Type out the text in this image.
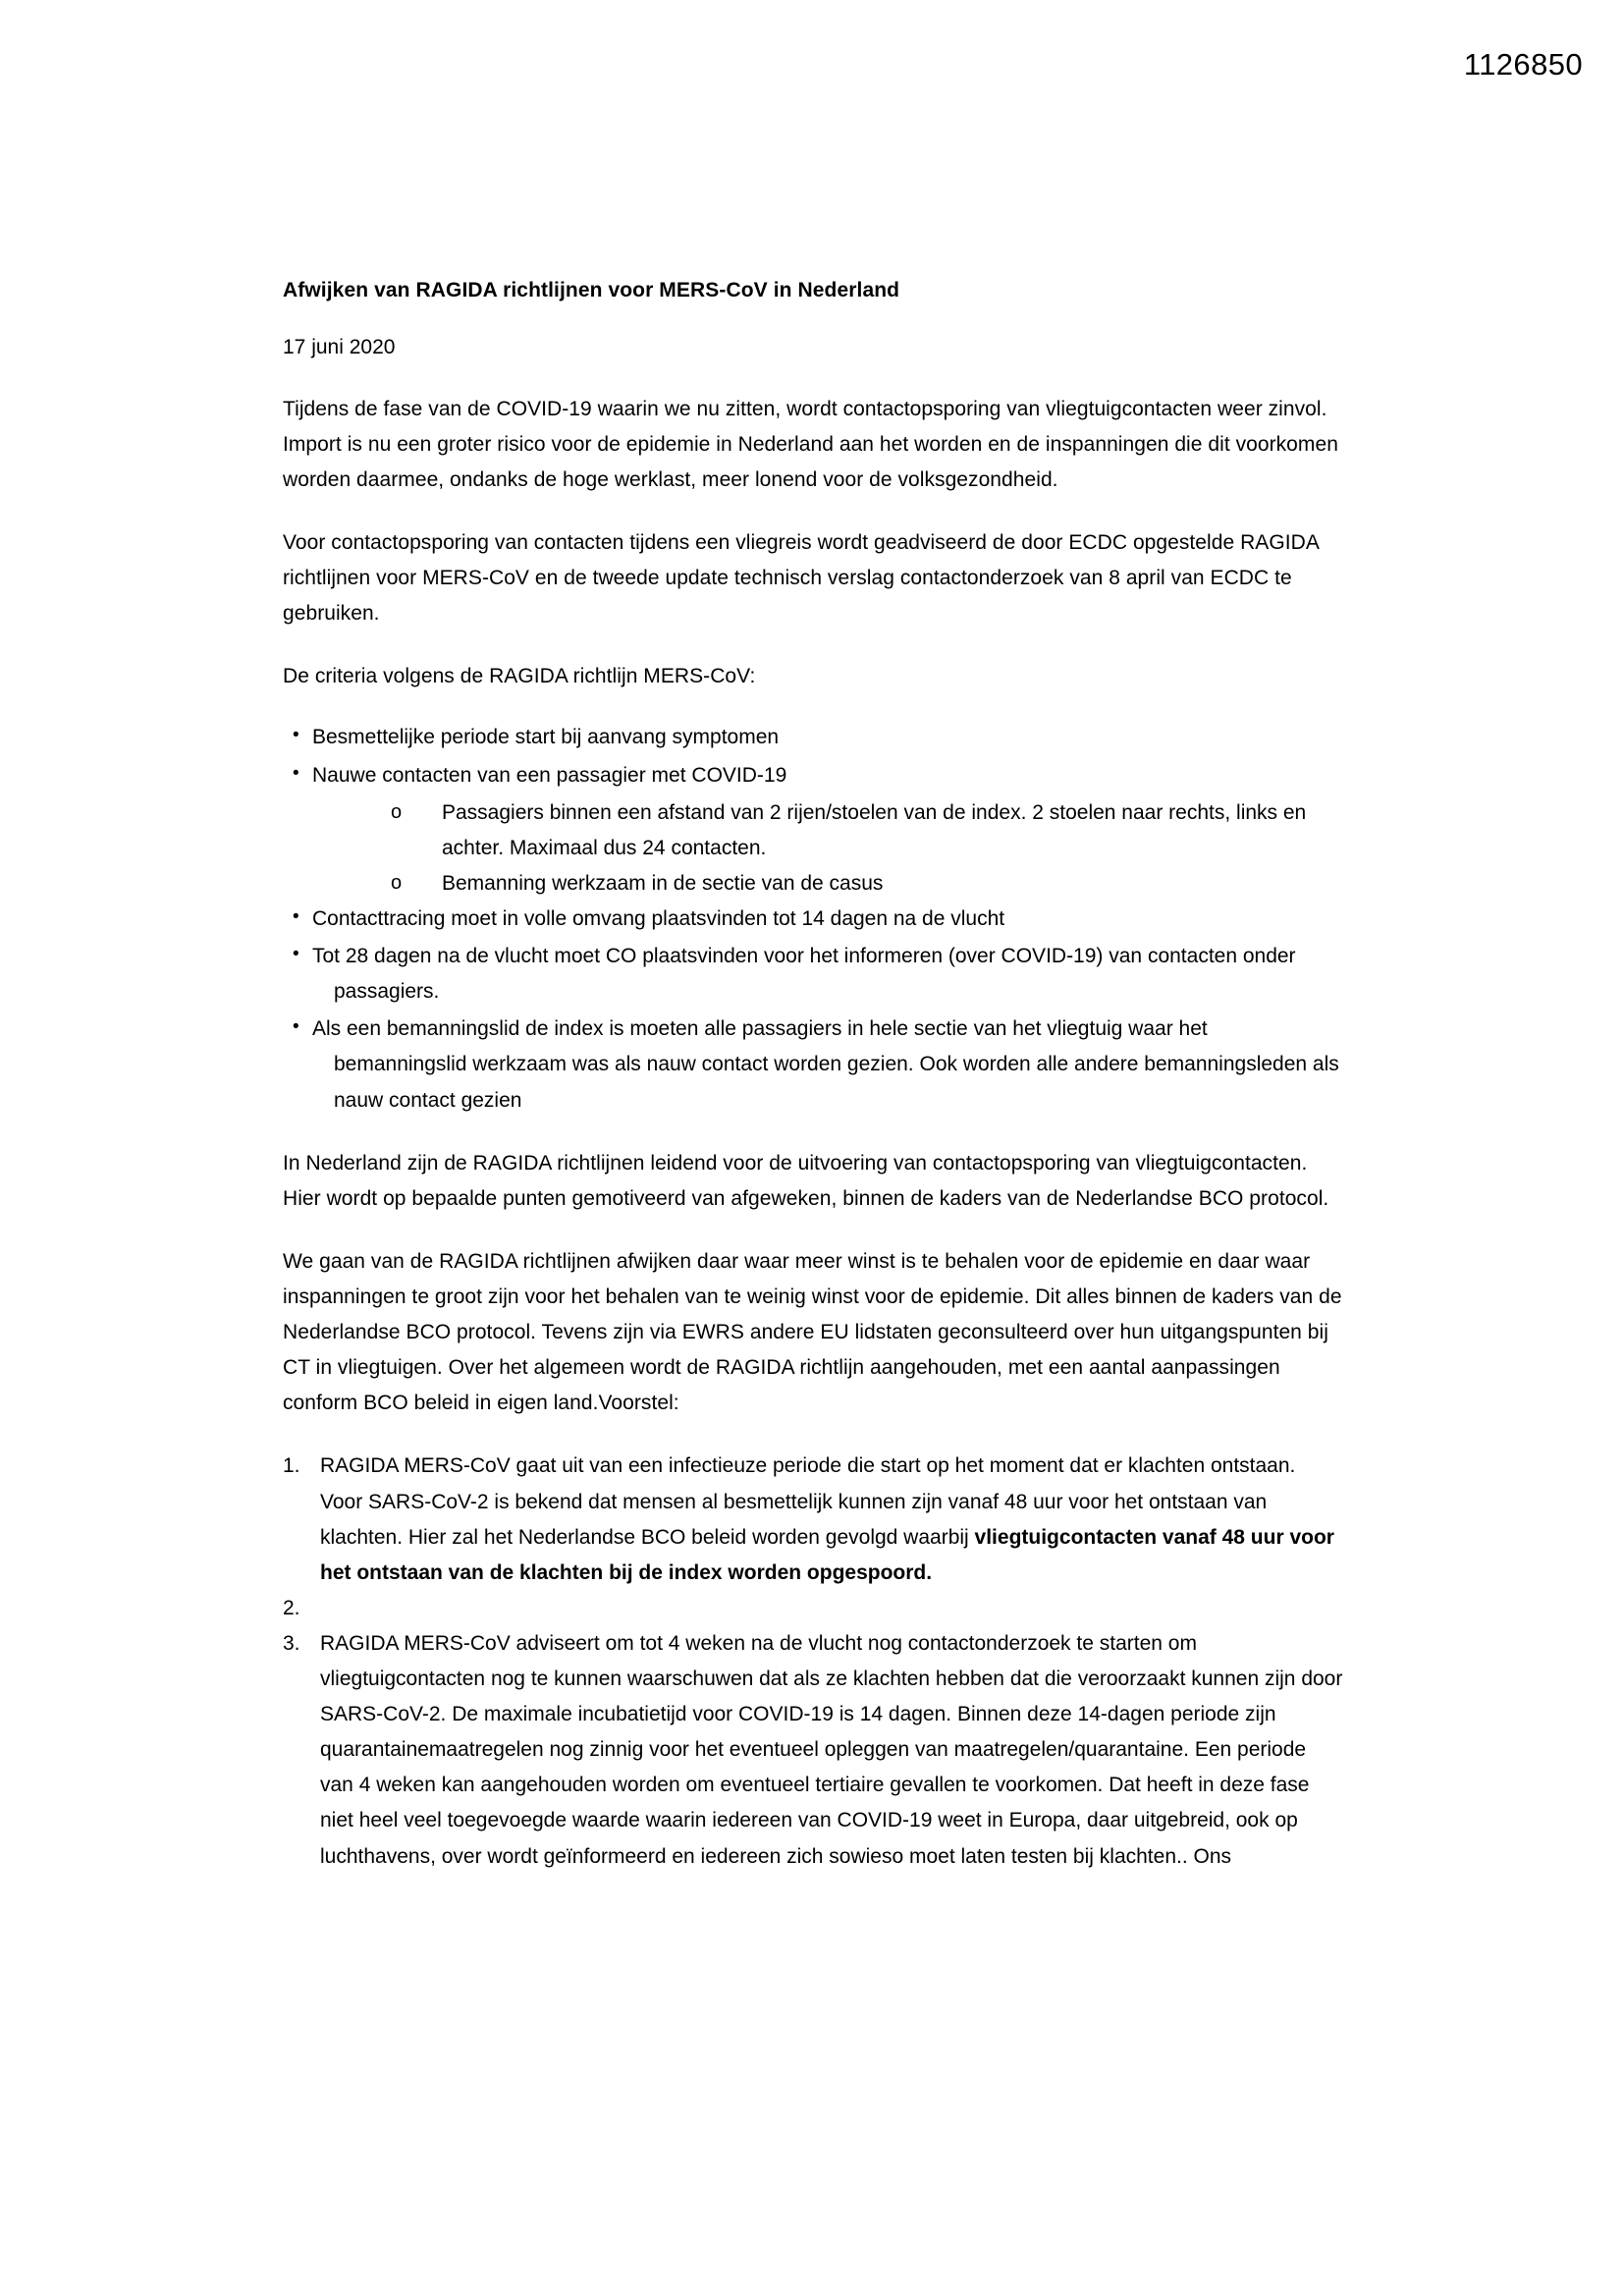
1126850
Afwijken van RAGIDA richtlijnen voor MERS-CoV in Nederland
17 juni 2020

Tijdens de fase van de COVID-19 waarin we nu zitten, wordt contactopsporing van vliegtuigcontacten weer zinvol. Import is nu een groter risico voor de epidemie in Nederland aan het worden en de inspanningen die dit voorkomen worden daarmee, ondanks de hoge werklast, meer lonend voor de volksgezondheid.

Voor contactopsporing van contacten tijdens een vliegreis wordt geadviseerd de door ECDC opgestelde RAGIDA richtlijnen voor MERS-CoV en de tweede update technisch verslag contactonderzoek van 8 april van ECDC te gebruiken.

De criteria volgens de RAGIDA richtlijn MERS-CoV:

• Besmettelijke periode start bij aanvang symptomen
• Nauwe contacten van een passagier met COVID-19
o Passagiers binnen een afstand van 2 rijen/stoelen van de index. 2 stoelen naar rechts, links en achter. Maximaal dus 24 contacten.
o Bemanning werkzaam in de sectie van de casus
• Contacttracing moet in volle omvang plaatsvinden tot 14 dagen na de vlucht
• Tot 28 dagen na de vlucht moet CO plaatsvinden voor het informeren (over COVID-19) van contacten onder passagiers.
• Als een bemanningslid de index is moeten alle passagiers in hele sectie van het vliegtuig waar het bemanningslid werkzaam was als nauw contact worden gezien. Ook worden alle andere bemanningsleden als nauw contact gezien

In Nederland zijn de RAGIDA richtlijnen leidend voor de uitvoering van contactopsporing van vliegtuigcontacten. Hier wordt op bepaalde punten gemotiveerd van afgeweken, binnen de kaders van de Nederlandse BCO protocol.

We gaan van de RAGIDA richtlijnen afwijken daar waar meer winst is te behalen voor de epidemie en daar waar inspanningen te groot zijn voor het behalen van te weinig winst voor de epidemie. Dit alles binnen de kaders van de Nederlandse BCO protocol. Tevens zijn via EWRS andere EU lidstaten geconsulteerd over hun uitgangspunten bij CT in vliegtuigen. Over het algemeen wordt de RAGIDA richtlijn aangehouden, met een aantal aanpassingen conform BCO beleid in eigen land.Voorstel:

1. RAGIDA MERS-CoV gaat uit van een infectieuze periode die start op het moment dat er klachten ontstaan. Voor SARS-CoV-2 is bekend dat mensen al besmettelijk kunnen zijn vanaf 48 uur voor het ontstaan van klachten. Hier zal het Nederlandse BCO beleid worden gevolgd waarbij vliegtuigcontacten vanaf 48 uur voor het ontstaan van de klachten bij de index worden opgespoord.
2.
3. RAGIDA MERS-CoV adviseert om tot 4 weken na de vlucht nog contactonderzoek te starten om vliegtuigcontacten nog te kunnen waarschuwen dat als ze klachten hebben dat die veroorzaakt kunnen zijn door SARS-CoV-2. De maximale incubatietijd voor COVID-19 is 14 dagen. Binnen deze 14-dagen periode zijn quarantainemaatregelen nog zinnig voor het eventueel opleggen van maatregelen/quarantaine. Een periode van 4 weken kan aangehouden worden om eventueel tertiaire gevallen te voorkomen. Dat heeft in deze fase niet heel veel toegevoegde waarde waarin iedereen van COVID-19 weet in Europa, daar uitgebreid, ook op luchthavens, over wordt geïnformeerd en iedereen zich sowieso moet laten testen bij klachten.. Ons
